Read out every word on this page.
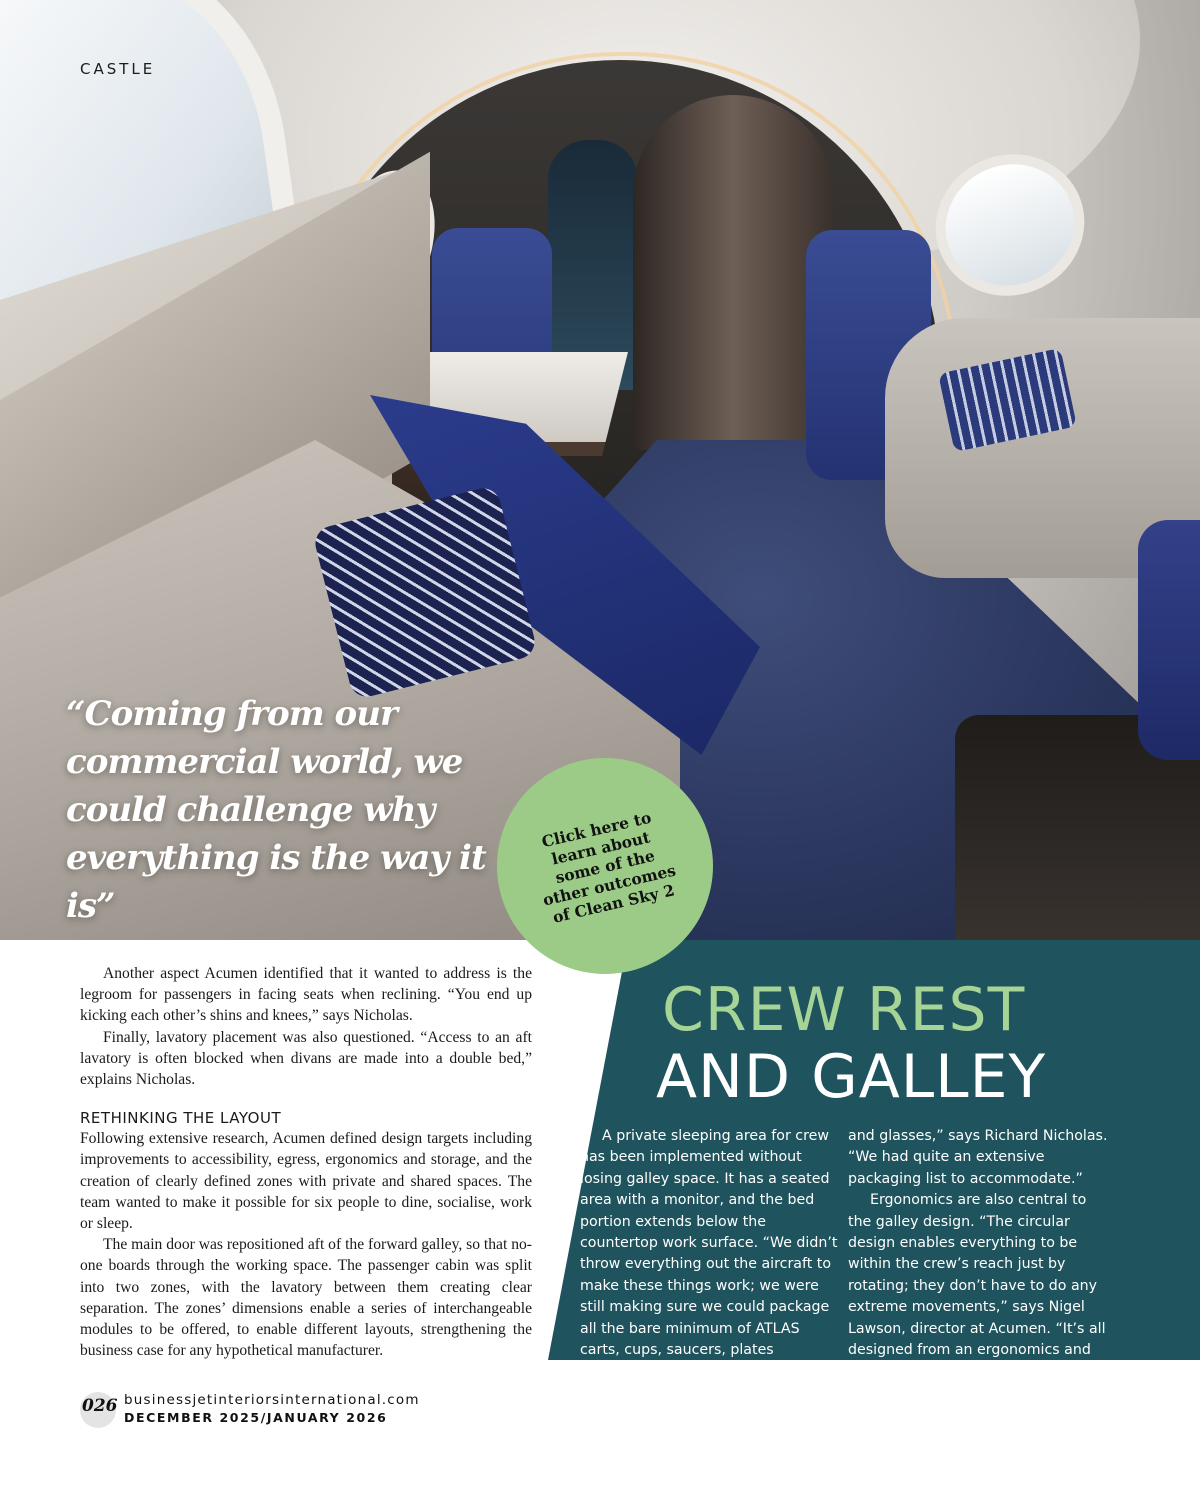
CASTLE

“Coming from our commercial world, we could challenge why everything is the way it is”

Click here to learn about some of the other outcomes of Clean Sky 2
CREW REST
AND GALLEY

A private sleeping area for crew has been implemented without losing galley space. It has a seated area with a monitor, and the bed portion extends below the countertop work surface. “We didn’t throw everything out the aircraft to make these things work; we were still making sure we could package all the bare minimum of ATLAS carts, cups, saucers, plates

and glasses,” says Richard Nicholas. “We had quite an extensive packaging list to accommodate.”

Ergonomics are also central to the galley design. “The circular design enables everything to be within the crew’s reach just by rotating; they don’t have to do any extreme movements,” says Nigel Lawson, director at Acumen. “It’s all designed from an ergonomics and an efficiency point of view.”

Another aspect Acumen identified that it wanted to address is the legroom for passengers in facing seats when reclining. “You end up kicking each other’s shins and knees,” says Nicholas.

Finally, lavatory placement was also questioned. “Access to an aft lavatory is often blocked when divans are made into a double bed,” explains Nicholas.

RETHINKING THE LAYOUT

Following extensive research, Acumen defined design targets including improvements to accessibility, egress, ergonomics and storage, and the creation of clearly defined zones with private and shared spaces. The team wanted to make it possible for six people to dine, socialise, work or sleep.

The main door was repositioned aft of the forward galley, so that no-one boards through the working space. The passenger cabin was split into two zones, with the lavatory between them creating clear separation. The zones’ dimensions enable a series of interchangeable modules to be offered, to enable different layouts, strengthening the business case for any hypothetical manufacturer.

026 businessjetinteriorsinternational.com
DECEMBER 2025/JANUARY 2026
